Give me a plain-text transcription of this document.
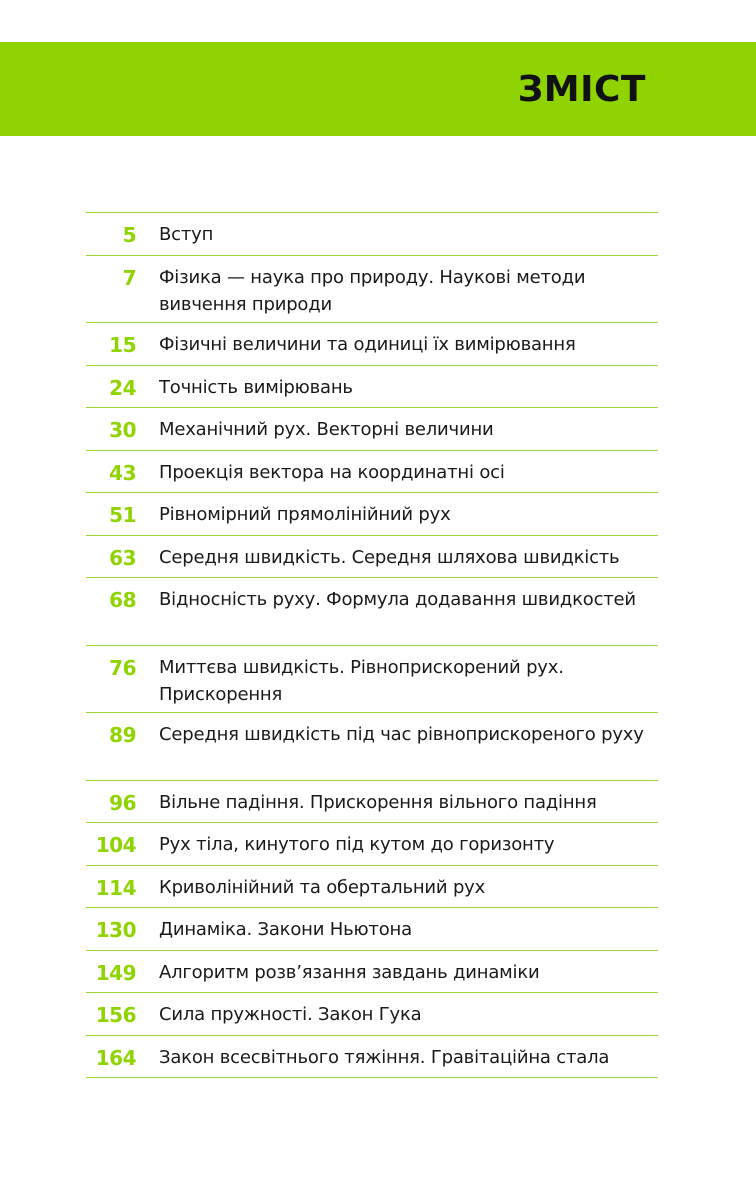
ЗМІСТ
5 Вступ
7 Фізика — наука про природу. Наукові методи вивчення природи
15 Фізичні величини та одиниці їх вимірювання
24 Точність вимірювань
30 Механічний рух. Векторні величини
43 Проекція вектора на координатні осі
51 Рівномірний прямолінійний рух
63 Середня швидкість. Середня шляхова швидкість
68 Відносність руху. Формула додавання швидкостей
76 Миттєва швидкість. Рівноприскорений рух. Прискорення
89 Середня швидкість під час рівноприскореного руху
96 Вільне падіння. Прискорення вільного падіння
104 Рух тіла, кинутого під кутом до горизонту
114 Криволінійний та обертальний рух
130 Динаміка. Закони Ньютона
149 Алгоритм розв’язання завдань динаміки
156 Сила пружності. Закон Гука
164 Закон всесвітнього тяжіння. Гравітаційна стала
